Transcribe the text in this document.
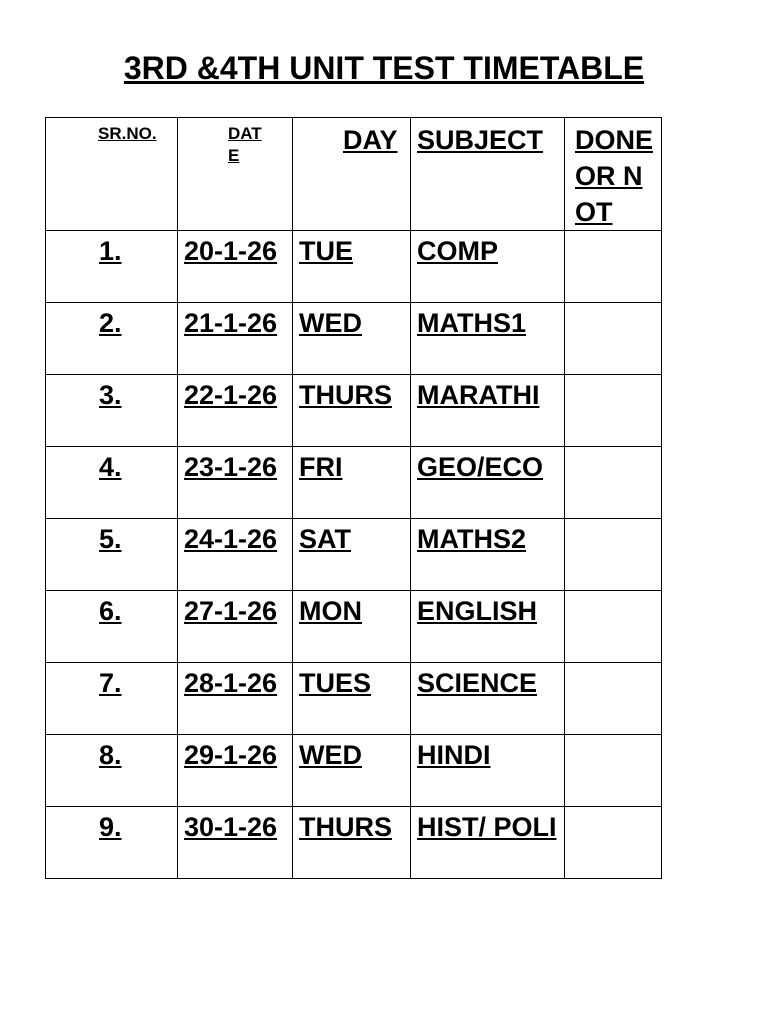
3RD &4TH UNIT TEST TIMETABLE
SR.NO.	DATE	DAY	SUBJECT	DONE OR NOT
1.	20-1-26	TUE	COMP	
2.	21-1-26	WED	MATHS1	
3.	22-1-26	THURS	MARATHI	
4.	23-1-26	FRI	GEO/ECO	
5.	24-1-26	SAT	MATHS2	
6.	27-1-26	MON	ENGLISH	
7.	28-1-26	TUES	SCIENCE	
8.	29-1-26	WED	HINDI	
9.	30-1-26	THURS	HIST/ POLI	
